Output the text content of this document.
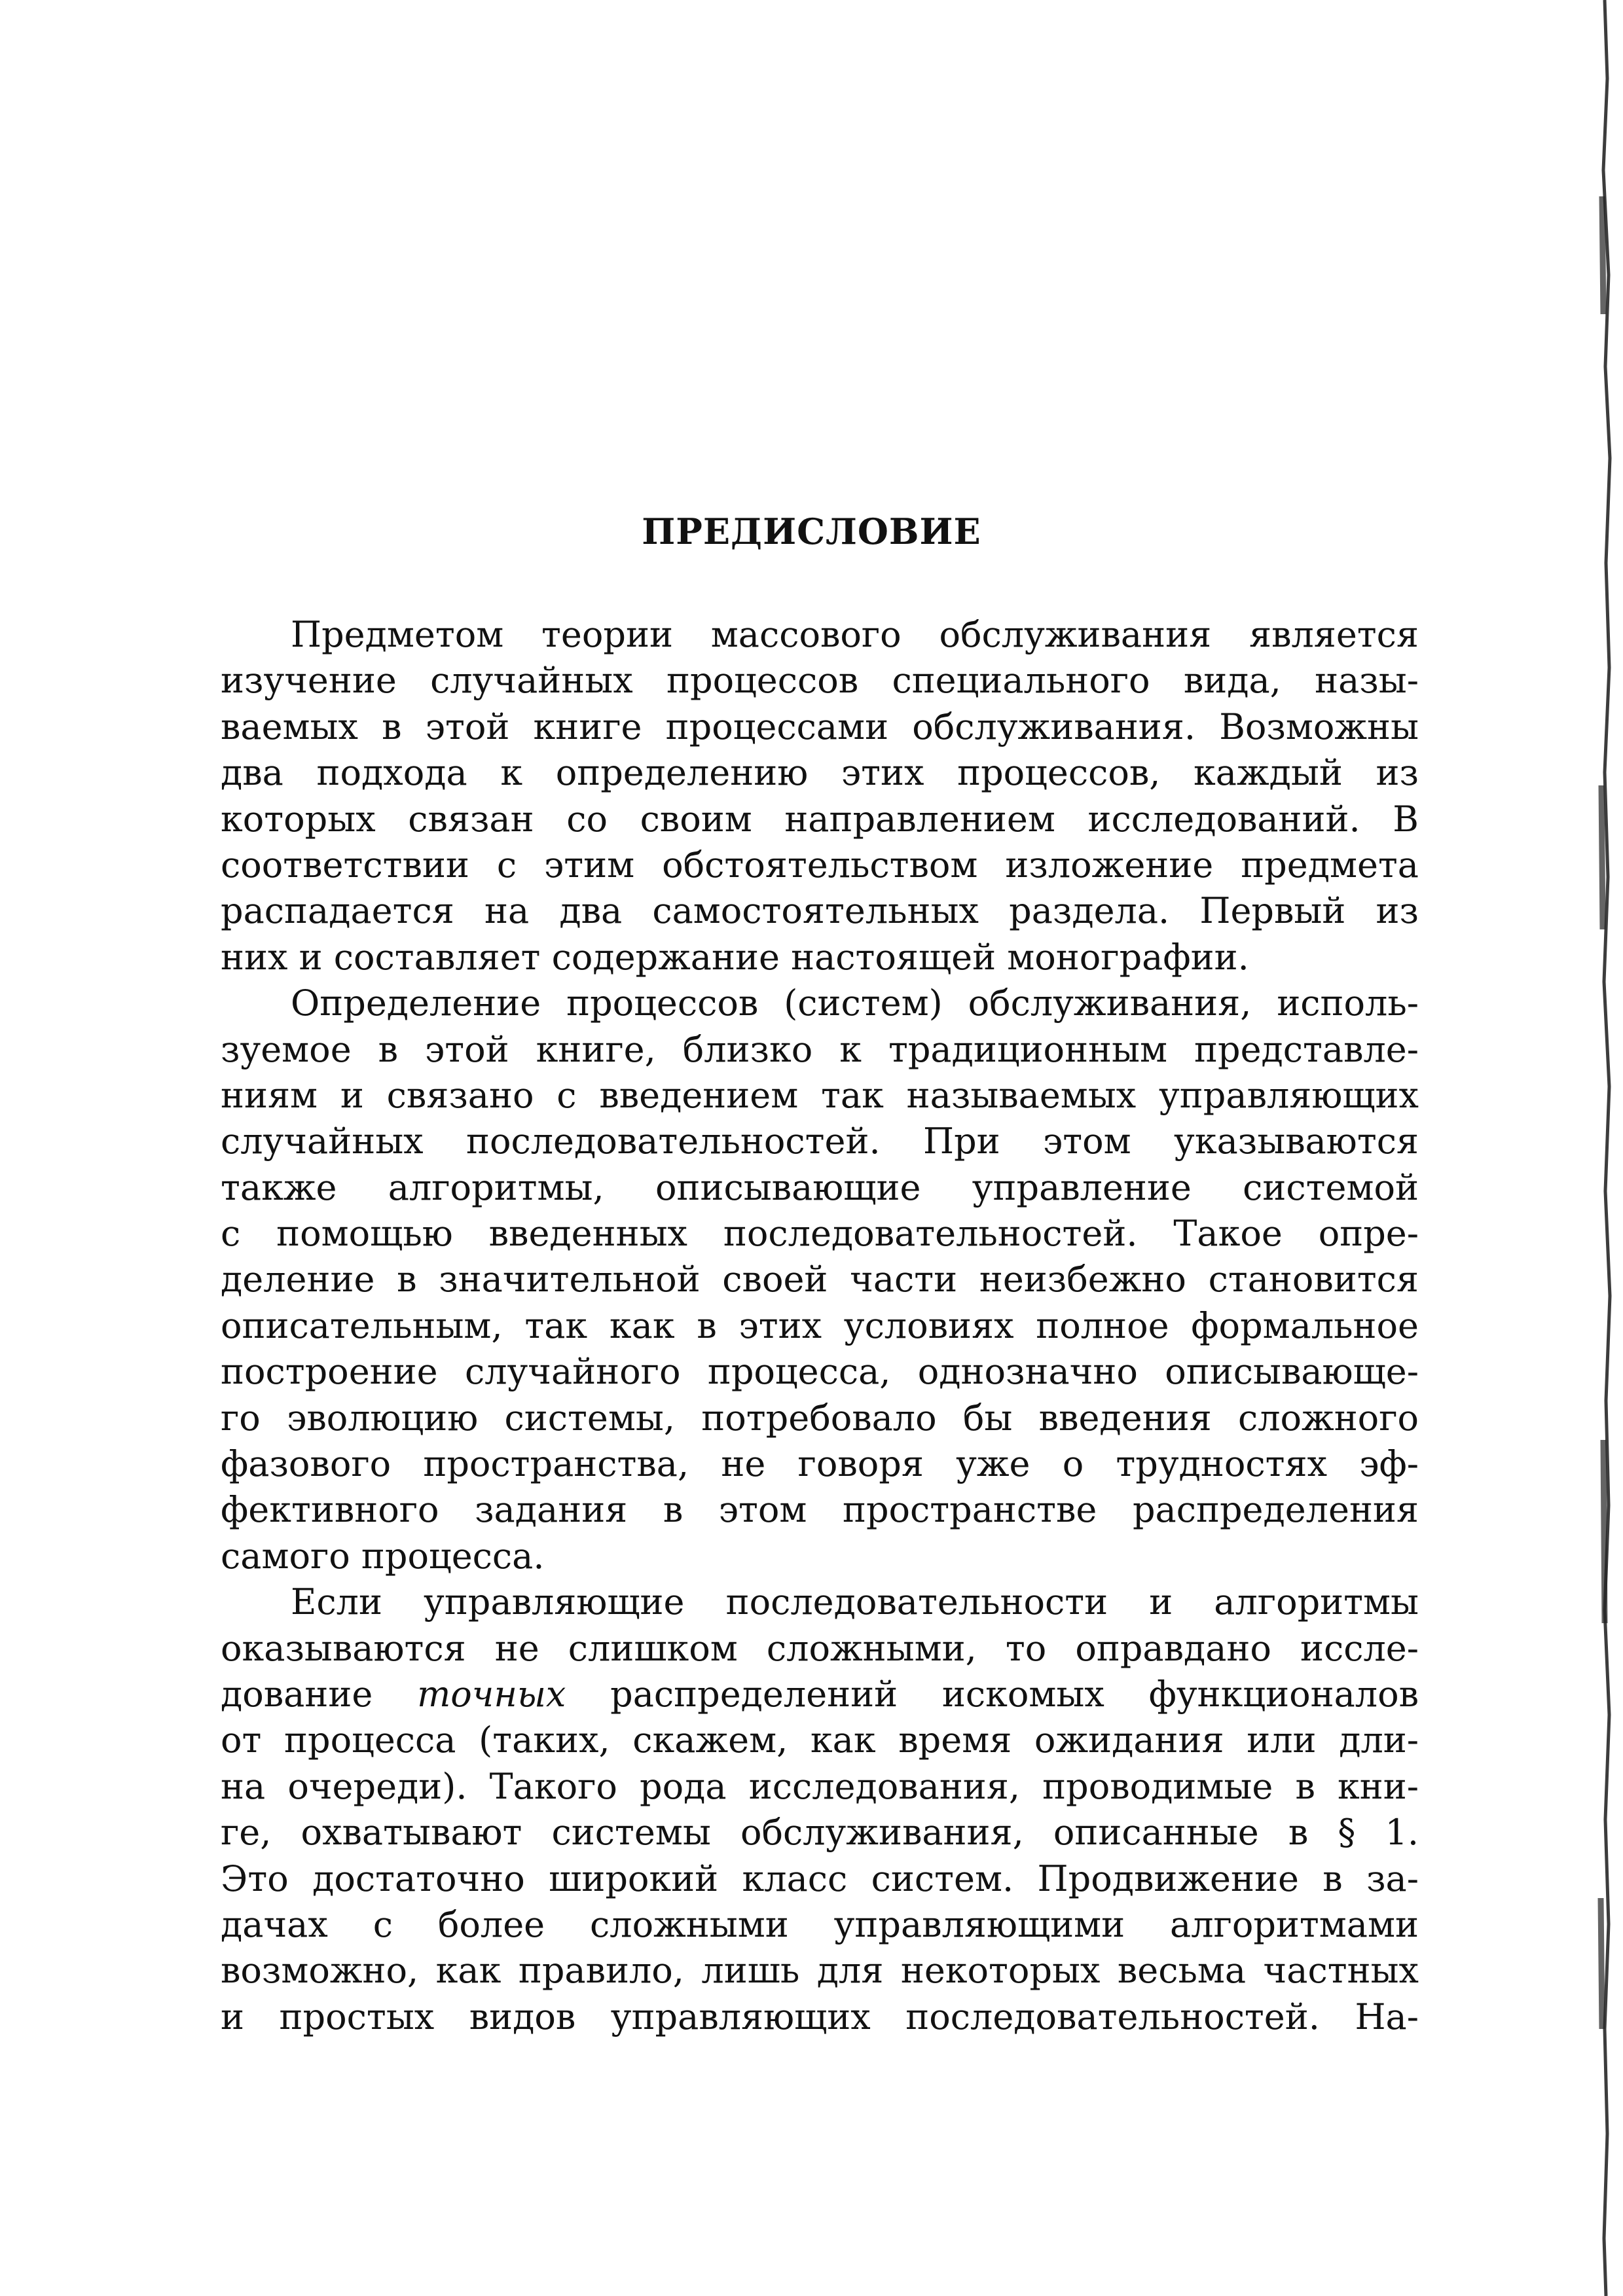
ПРЕДИСЛОВИЕ
Предметом теории массового обслуживания является
изучение случайных процессов специального вида, назы-
ваемых в этой книге процессами обслуживания. Возможны
два подхода к определению этих процессов, каждый из
которых связан со своим направлением исследований. В
соответствии с этим обстоятельством изложение предмета
распадается на два самостоятельных раздела. Первый из
них и составляет содержание настоящей монографии.
Определение процессов (систем) обслуживания, исполь-
зуемое в этой книге, близко к традиционным представле-
ниям и связано с введением так называемых управляющих
случайных последовательностей. При этом указываются
также алгоритмы, описывающие управление системой
с помощью введенных последовательностей. Такое опре-
деление в значительной своей части неизбежно становится
описательным, так как в этих условиях полное формальное
построение случайного процесса, однозначно описывающе-
го эволюцию системы, потребовало бы введения сложного
фазового пространства, не говоря уже о трудностях эф-
фективного задания в этом пространстве распределения
самого процесса.
Если управляющие последовательности и алгоритмы
оказываются не слишком сложными, то оправдано иссле-
дование точных распределений искомых функционалов
от процесса (таких, скажем, как время ожидания или дли-
на очереди). Такого рода исследования, проводимые в кни-
ге, охватывают системы обслуживания, описанные в § 1.
Это достаточно широкий класс систем. Продвижение в за-
дачах с более сложными управляющими алгоритмами
возможно, как правило, лишь для некоторых весьма частных
и простых видов управляющих последовательностей. На-
